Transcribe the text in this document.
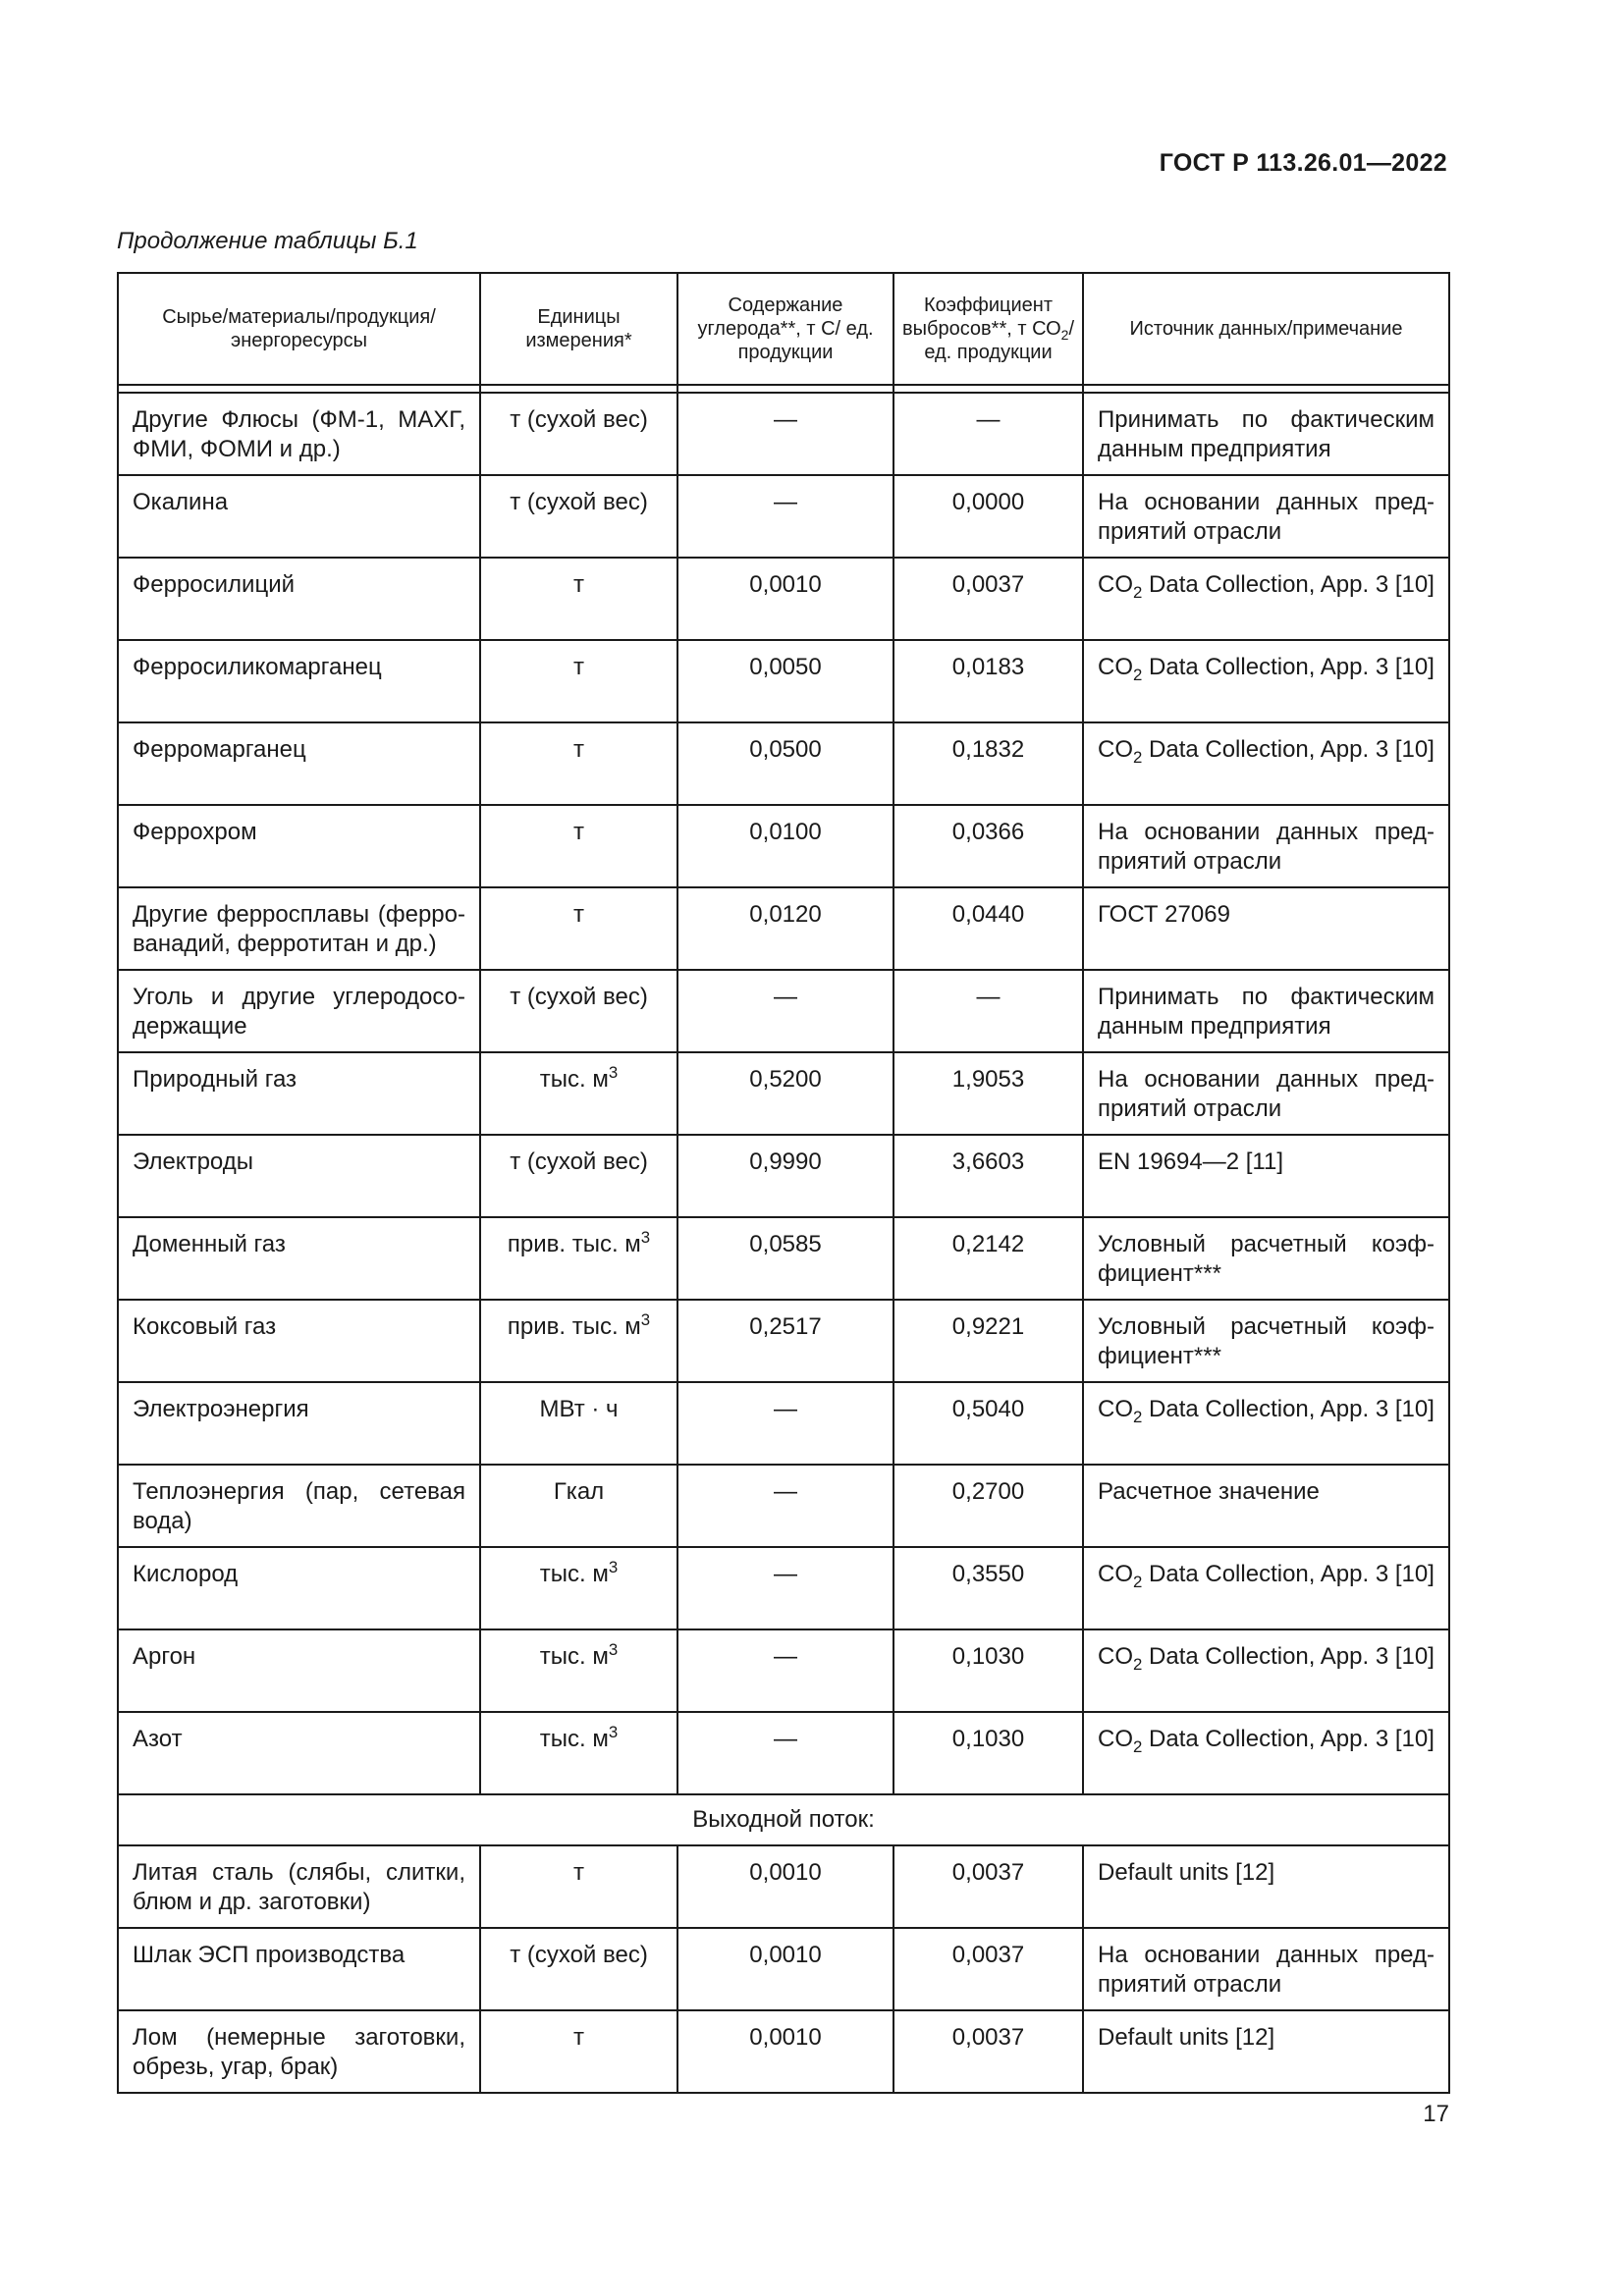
ГОСТ Р 113.26.01—2022
Продолжение таблицы Б.1
Сырье/материалы/продукция/ энергоресурсы	Единицы измерения*	Содержание углерода**, т С/ ед. продукции	Коэффициент выбросов**, т $СО_2/ед$. продукции	Источник данных/примечание

Другие Флюсы (ФМ-1, МАХГ, ФМИ, ФОМИ и др.)	т (сухой вес)	—	—	Принимать по фактическим данным предприятия
Окалина	т (сухой вес)	—	0,0000	На основании данных предприятий отрасли
Ферросилиций	т	0,0010	0,0037	$CO_2$ Data Collection, App. 3 [10]
Ферросиликомарганец	т	0,0050	0,0183	$CO_2$ Data Collection, App. 3 [10]
Ферромарганец	т	0,0500	0,1832	$CO_2$ Data Collection, App. 3 [10]
Феррохром	т	0,0100	0,0366	На основании данных предприятий отрасли
Другие ферросплавы (феррованадий, ферротитан и др.)	т	0,0120	0,0440	ГОСТ 27069
Уголь и другие углеродосодержащие	т (сухой вес)	—	—	Принимать по фактическим данным предприятия
Природный газ	тыс. $м^3$	0,5200	1,9053	На основании данных предприятий отрасли
Электроды	т (сухой вес)	0,9990	3,6603	EN 19694—2 [11]
Доменный газ	прив. тыс. $м^3$	0,0585	0,2142	Условный расчетный коэффициент***
Коксовый газ	прив. тыс. $м^3$	0,2517	0,9221	Условный расчетный коэффициент***
Электроэнергия	МВт · ч	—	0,5040	$CO_2$ Data Collection, App. 3 [10]
Теплоэнергия (пар, сетевая вода)	Гкал	—	0,2700	Расчетное значение
Кислород	тыс. $м^3$	—	0,3550	$CO_2$ Data Collection, App. 3 [10]
Аргон	тыс. $м^3$	—	0,1030	$CO_2$ Data Collection, App. 3 [10]
Азот	тыс. $м^3$	—	0,1030	$CO_2$ Data Collection, App. 3 [10]
Выходной поток:				
Литая сталь (слябы, слитки, блюм и др. заготовки)	т	0,0010	0,0037	Default units [12]
Шлак ЭСП производства	т (сухой вес)	0,0010	0,0037	На основании данных предприятий отрасли
Лом (немерные заготовки, обрезь, угар, брак)	т	0,0010	0,0037	Default units [12]
17
